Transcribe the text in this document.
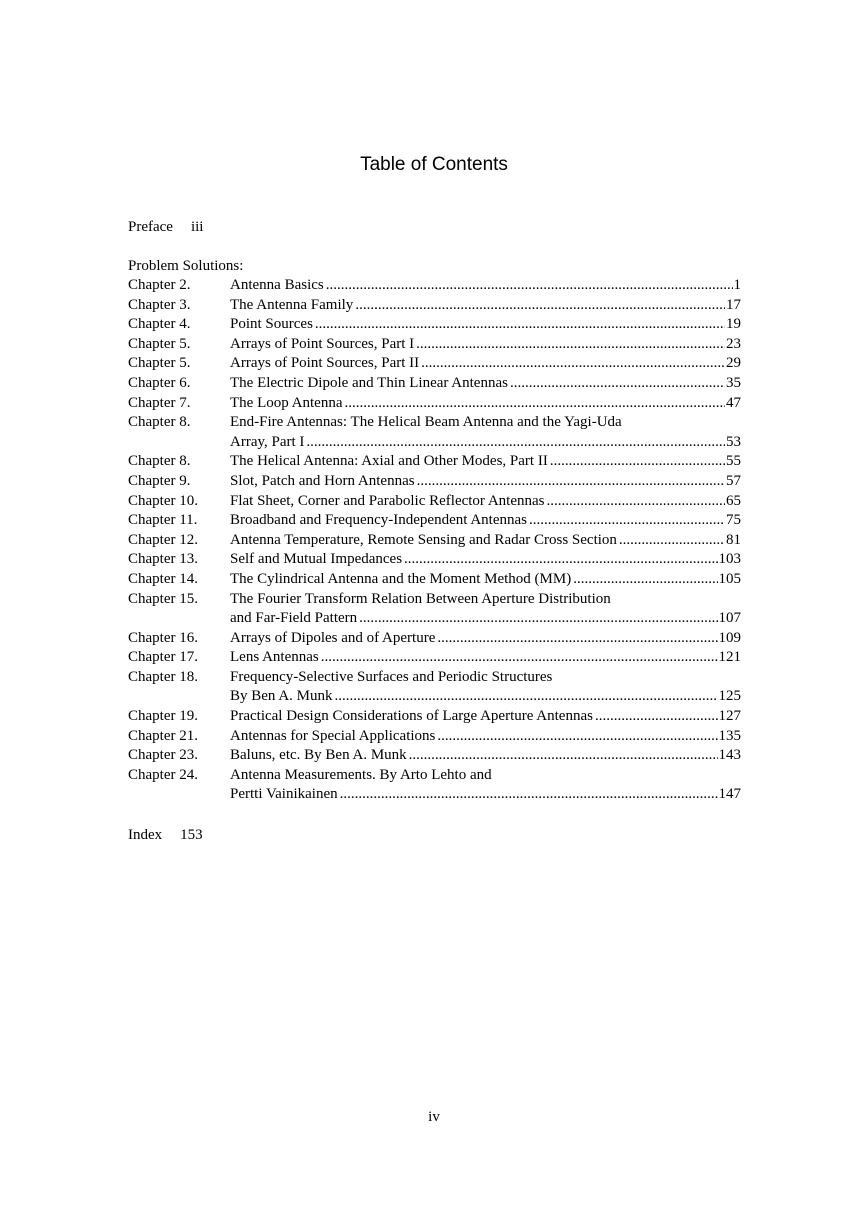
Table of Contents
Preface iii
Problem Solutions:
Chapter 2.	Antenna Basics .....	1
Chapter 3.	The Antenna Family .....	17
Chapter 4.	Point Sources .....	19
Chapter 5.	Arrays of Point Sources, Part I .....	23
Chapter 5.	Arrays of Point Sources, Part II .....	29
Chapter 6.	The Electric Dipole and Thin Linear Antennas .....	35
Chapter 7.	The Loop Antenna .....	47
Chapter 8.	End-Fire Antennas: The Helical Beam Antenna and the Yagi-Uda
Array, Part I .....	53
Chapter 8.	The Helical Antenna: Axial and Other Modes, Part II .....	55
Chapter 9.	Slot, Patch and Horn Antennas .....	57
Chapter 10.	Flat Sheet, Corner and Parabolic Reflector Antennas .....	65
Chapter 11.	Broadband and Frequency-Independent Antennas .....	75
Chapter 12.	Antenna Temperature, Remote Sensing and Radar Cross Section .....	81
Chapter 13.	Self and Mutual Impedances .....	103
Chapter 14.	The Cylindrical Antenna and the Moment Method (MM) .....	105
Chapter 15.	The Fourier Transform Relation Between Aperture Distribution
and Far-Field Pattern .....	107
Chapter 16.	Arrays of Dipoles and of Aperture .....	109
Chapter 17.	Lens Antennas .....	121
Chapter 18.	Frequency-Selective Surfaces and Periodic Structures
By Ben A. Munk .....	125
Chapter 19.	Practical Design Considerations of Large Aperture Antennas .....	127
Chapter 21.	Antennas for Special Applications .....	135
Chapter 23.	Baluns, etc. By Ben A. Munk .....	143
Chapter 24.	Antenna Measurements. By Arto Lehto and
Pertti Vainikainen .....	147
Index 153
iv
